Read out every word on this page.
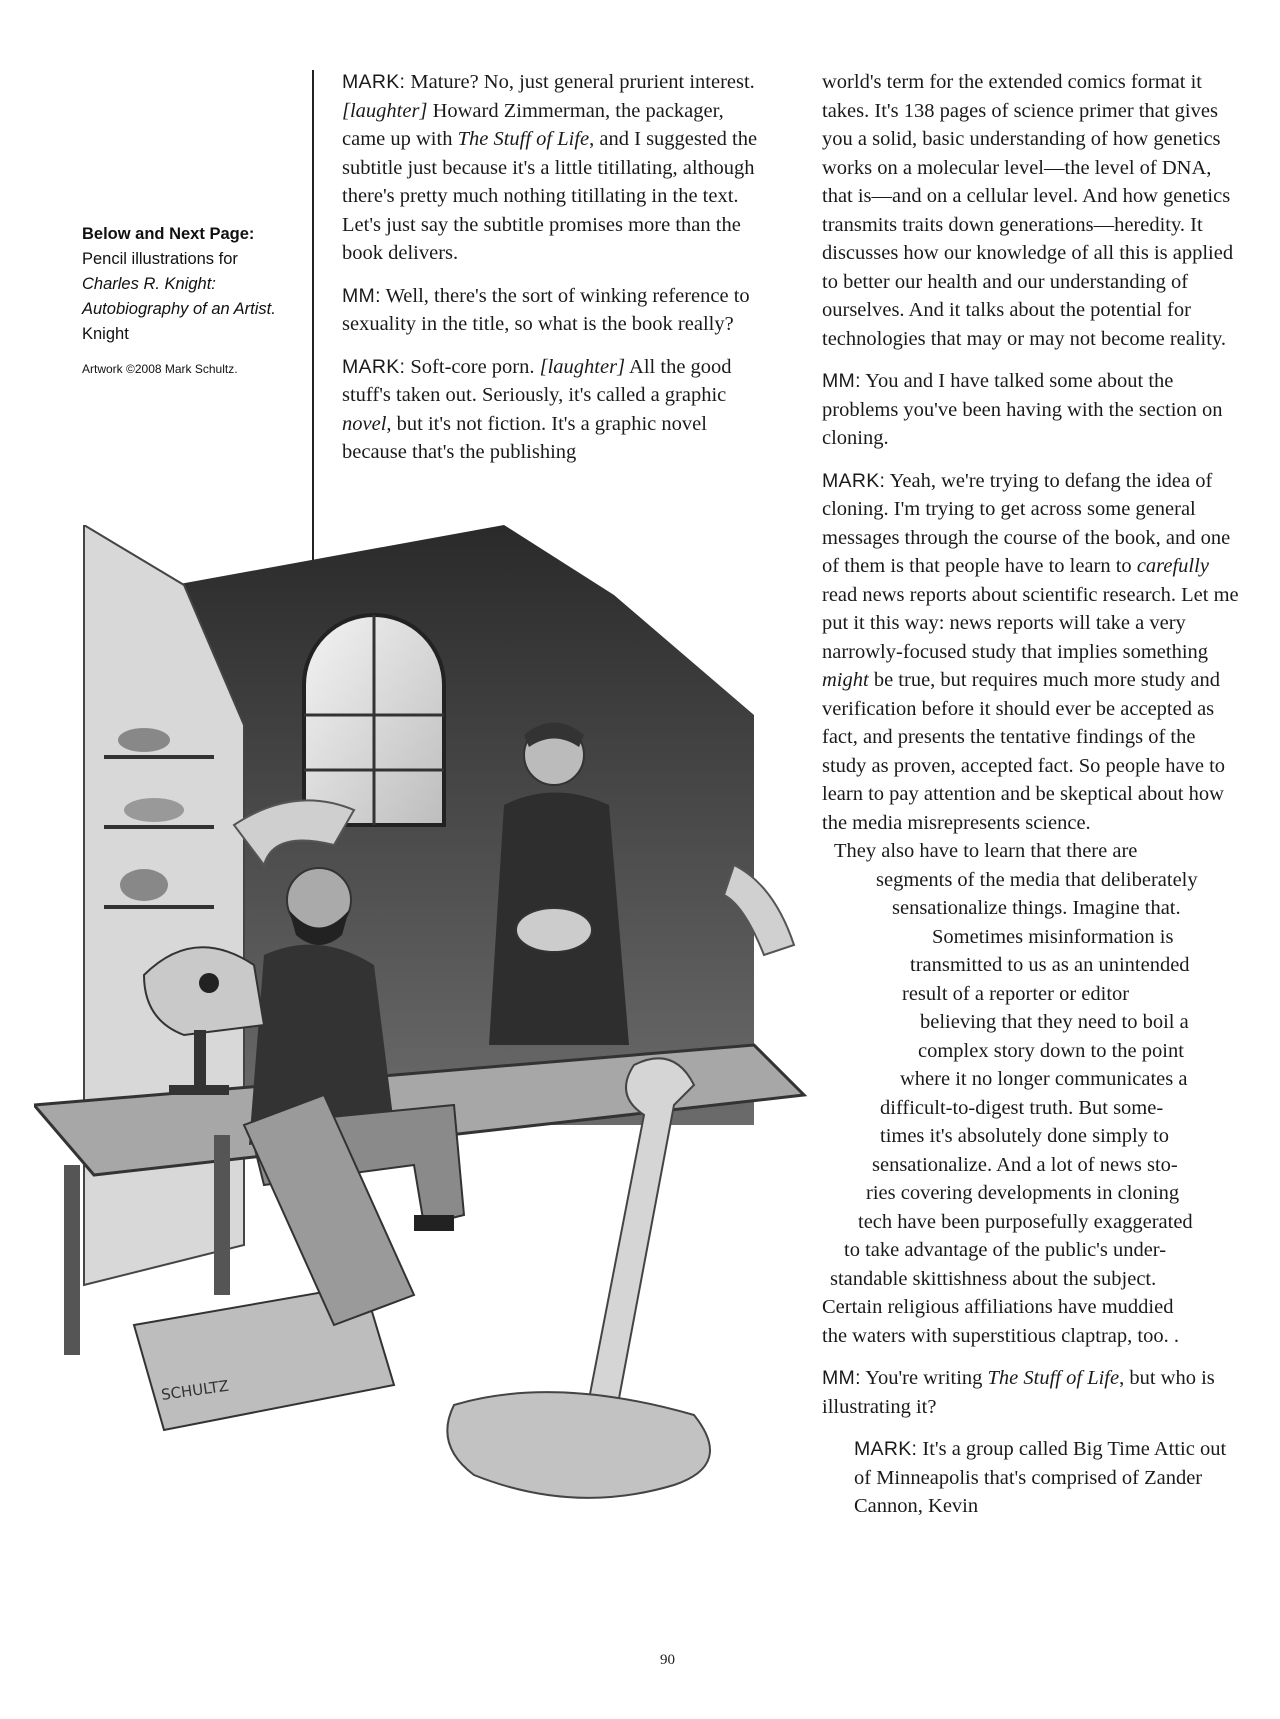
Below and Next Page:
Pencil illustrations for
Charles R. Knight: Autobiography of an Artist.
Knight
Artwork ©2008 Mark Schultz.

MARK: Mature? No, just general prurient interest. [laughter] Howard Zimmerman, the packager, came up with The Stuff of Life, and I suggested the subtitle just because it's a little titillating, although there's pretty much nothing titillating in the text. Let's just say the subtitle promises more than the book delivers.

MM: Well, there's the sort of winking reference to sexuality in the title, so what is the book really?

MARK: Soft-core porn. [laughter] All the good stuff's taken out. Seriously, it's called a graphic novel, but it's not fiction. It's a graphic novel because that's the publishing

world's term for the extended comics format it takes. It's 138 pages of science primer that gives you a solid, basic understanding of how genetics works on a molecular level—the level of DNA, that is—and on a cellular level. And how genetics transmits traits down generations—heredity. It discusses how our knowledge of all this is applied to better our health and our understanding of ourselves. And it talks about the potential for technologies that may or may not become reality.

MM: You and I have talked some about the problems you've been having with the section on cloning.

MARK: Yeah, we're trying to defang the idea of cloning. I'm trying to get across some general messages through the course of the book, and one of them is that people have to learn to carefully read news reports about scientific research. Let me put it this way: news reports will take a very narrowly-focused study that implies something might be true, but requires much more study and verification before it should ever be accepted as fact, and presents the tentative findings of the study as proven, accepted fact. So people have to learn to pay attention and be skeptical about how the media misrepresents science.

They also have to learn that there are
segments of the media that deliberately
sensationalize things. Imagine that.
Sometimes misinformation is
transmitted to us as an unintended
result of a reporter or editor
believing that they need to boil a
complex story down to the point
where it no longer communicates a
difficult-to-digest truth. But some-
times it's absolutely done simply to
sensationalize. And a lot of news sto-
ries covering developments in cloning
tech have been purposefully exaggerated
to take advantage of the public's under-
standable skittishness about the subject.
Certain religious affiliations have muddied
the waters with superstitious claptrap, too. .

MM: You're writing The Stuff of Life, but who is illustrating it?

MARK: It's a group called Big Time Attic out of Minneapolis that's comprised of Zander Cannon, Kevin

SCHULTZ
90
